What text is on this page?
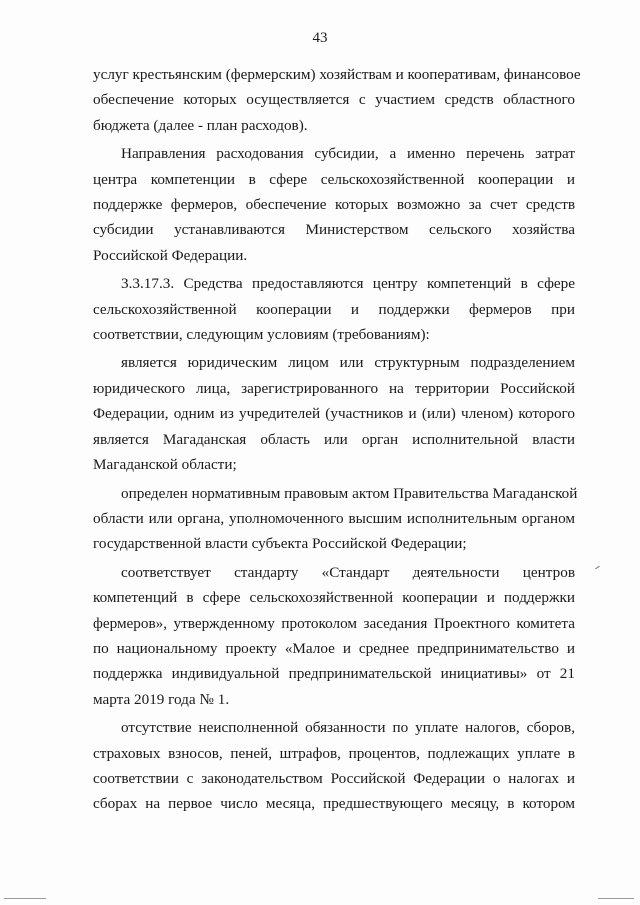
43

услуг крестьянским (фермерским) хозяйствам и кооперативам, финансовое
обеспечение которых осуществляется с участием средств областного
бюджета (далее - план расходов).

Направления расходования субсидии, а именно перечень затрат
центра компетенции в сфере сельскохозяйственной кооперации и
поддержке фермеров, обеспечение которых возможно за счет средств
субсидии устанавливаются Министерством сельского хозяйства
Российской Федерации.

3.3.17.3. Средства предоставляются центру компетенций в сфере
сельскохозяйственной кооперации и поддержки фермеров при
соответствии, следующим условиям (требованиям):

является юридическим лицом или структурным подразделением
юридического лица, зарегистрированного на территории Российской
Федерации, одним из учредителей (участников и (или) членом) которого
является Магаданская область или орган исполнительной власти
Магаданской области;

определен нормативным правовым актом Правительства Магаданской
области или органа, уполномоченного высшим исполнительным органом
государственной власти субъекта Российской Федерации;

соответствует стандарту «Стандарт деятельности центров
компетенций в сфере сельскохозяйственной кооперации и поддержки
фермеров», утвержденному протоколом заседания Проектного комитета
по национальному проекту «Малое и среднее предпринимательство и
поддержка индивидуальной предпринимательской инициативы» от 21
марта 2019 года № 1.

отсутствие неисполненной обязанности по уплате налогов, сборов,
страховых взносов, пеней, штрафов, процентов, подлежащих уплате в
соответствии с законодательством Российской Федерации о налогах и
сборах на первое число месяца, предшествующего месяцу, в котором
